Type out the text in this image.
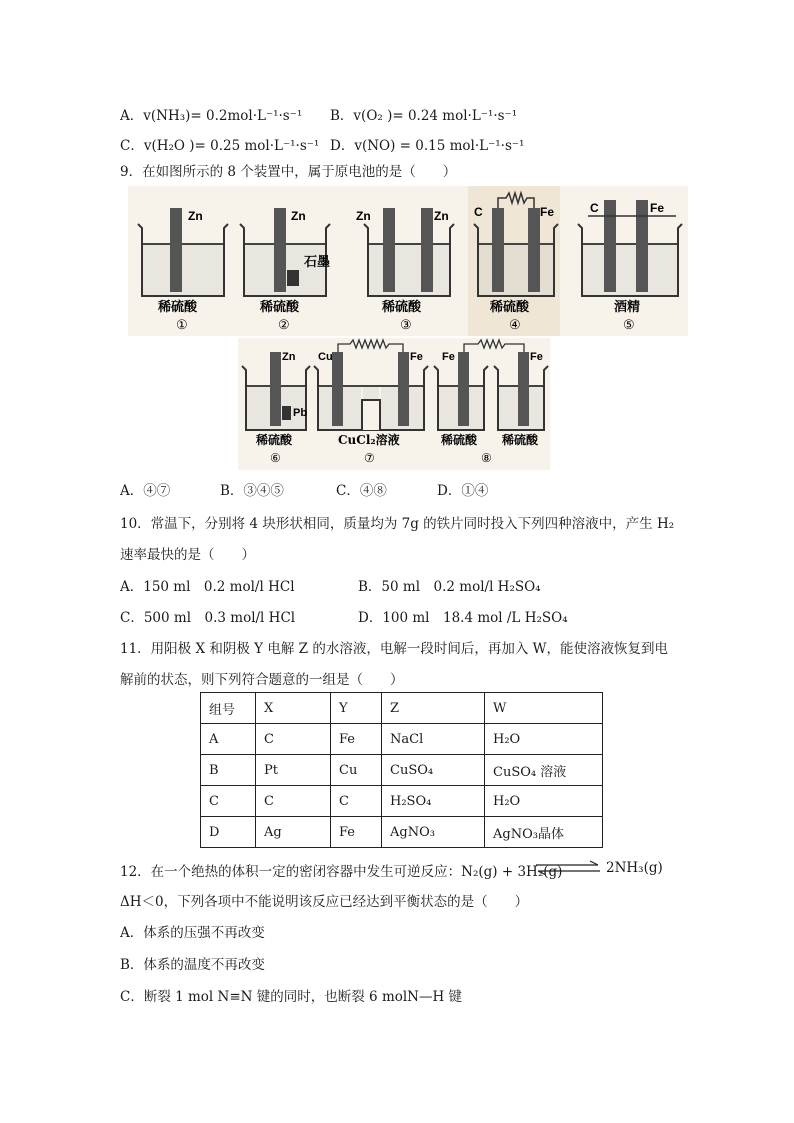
A．v(NH₃)= 0.2mol·L⁻¹·s⁻¹ B．v(O₂ )= 0.24 mol·L⁻¹·s⁻¹
C．v(H₂O )= 0.25 mol·L⁻¹·s⁻¹ D．v(NO) = 0.15 mol·L⁻¹·s⁻¹
9．在如图所示的 8 个装置中，属于原电池的是（　　）
Zn
稀硫酸
①
Zn
石墨
稀硫酸
②
Zn	Zn
稀硫酸
③
C	Fe
稀硫酸
④
C	Fe
酒精
⑤
Zn
Pb
稀硫酸
⑥
Cu	Fe
CuCl₂溶液
⑦
Fe	Fe
稀硫酸 稀硫酸
⑧
A．④⑦	B．③④⑤	C．④⑧	D．①④
10．常温下，分别将 4 块形状相同，质量均为 7g 的铁片同时投入下列四种溶液中，产生 H₂
速率最快的是（　　）
A．150 ml　0.2 mol/l HCl	B．50 ml　0.2 mol/l H₂SO₄
C．500 ml　0.3 mol/l HCl	D．100 ml　18.4 mol /L H₂SO₄
11．用阳极 X 和阴极 Y 电解 Z 的水溶液，电解一段时间后，再加入 W，能使溶液恢复到电
解前的状态，则下列符合题意的一组是（　　）
组号	X	Y	Z	W
A	C	Fe	NaCl	H₂O
B	Pt	Cu	CuSO₄	CuSO₄ 溶液
C	C	C	H₂SO₄	H₂O
D	Ag	Fe	AgNO₃	AgNO₃晶体
12．在一个绝热的体积一定的密闭容器中发生可逆反应：N₂(g) + 3H₂(g)	2NH₃(g)
ΔH＜0，下列各项中不能说明该反应已经达到平衡状态的是（　　）
A．体系的压强不再改变
B．体系的温度不再改变
C．断裂 1 mol N≡N 键的同时，也断裂 6 molN—H 键
